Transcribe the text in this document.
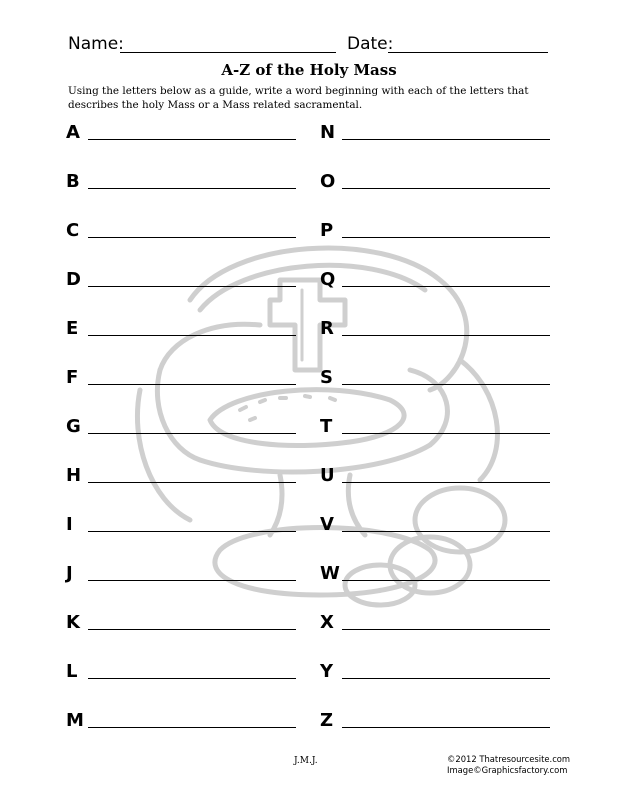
Name:	Date:
A-Z of the Holy Mass
Using the letters below as a guide, write a word beginning with each of the letters that describes the holy Mass or a Mass related sacramental.
A
B
C
D
E
F
G
H
I
J
K
L
M
N
O
P
Q
R
S
T
U
V
W
X
Y
Z
J.M.J.	©2012 Thatresourcesite.com
Image©Graphicsfactory.com
